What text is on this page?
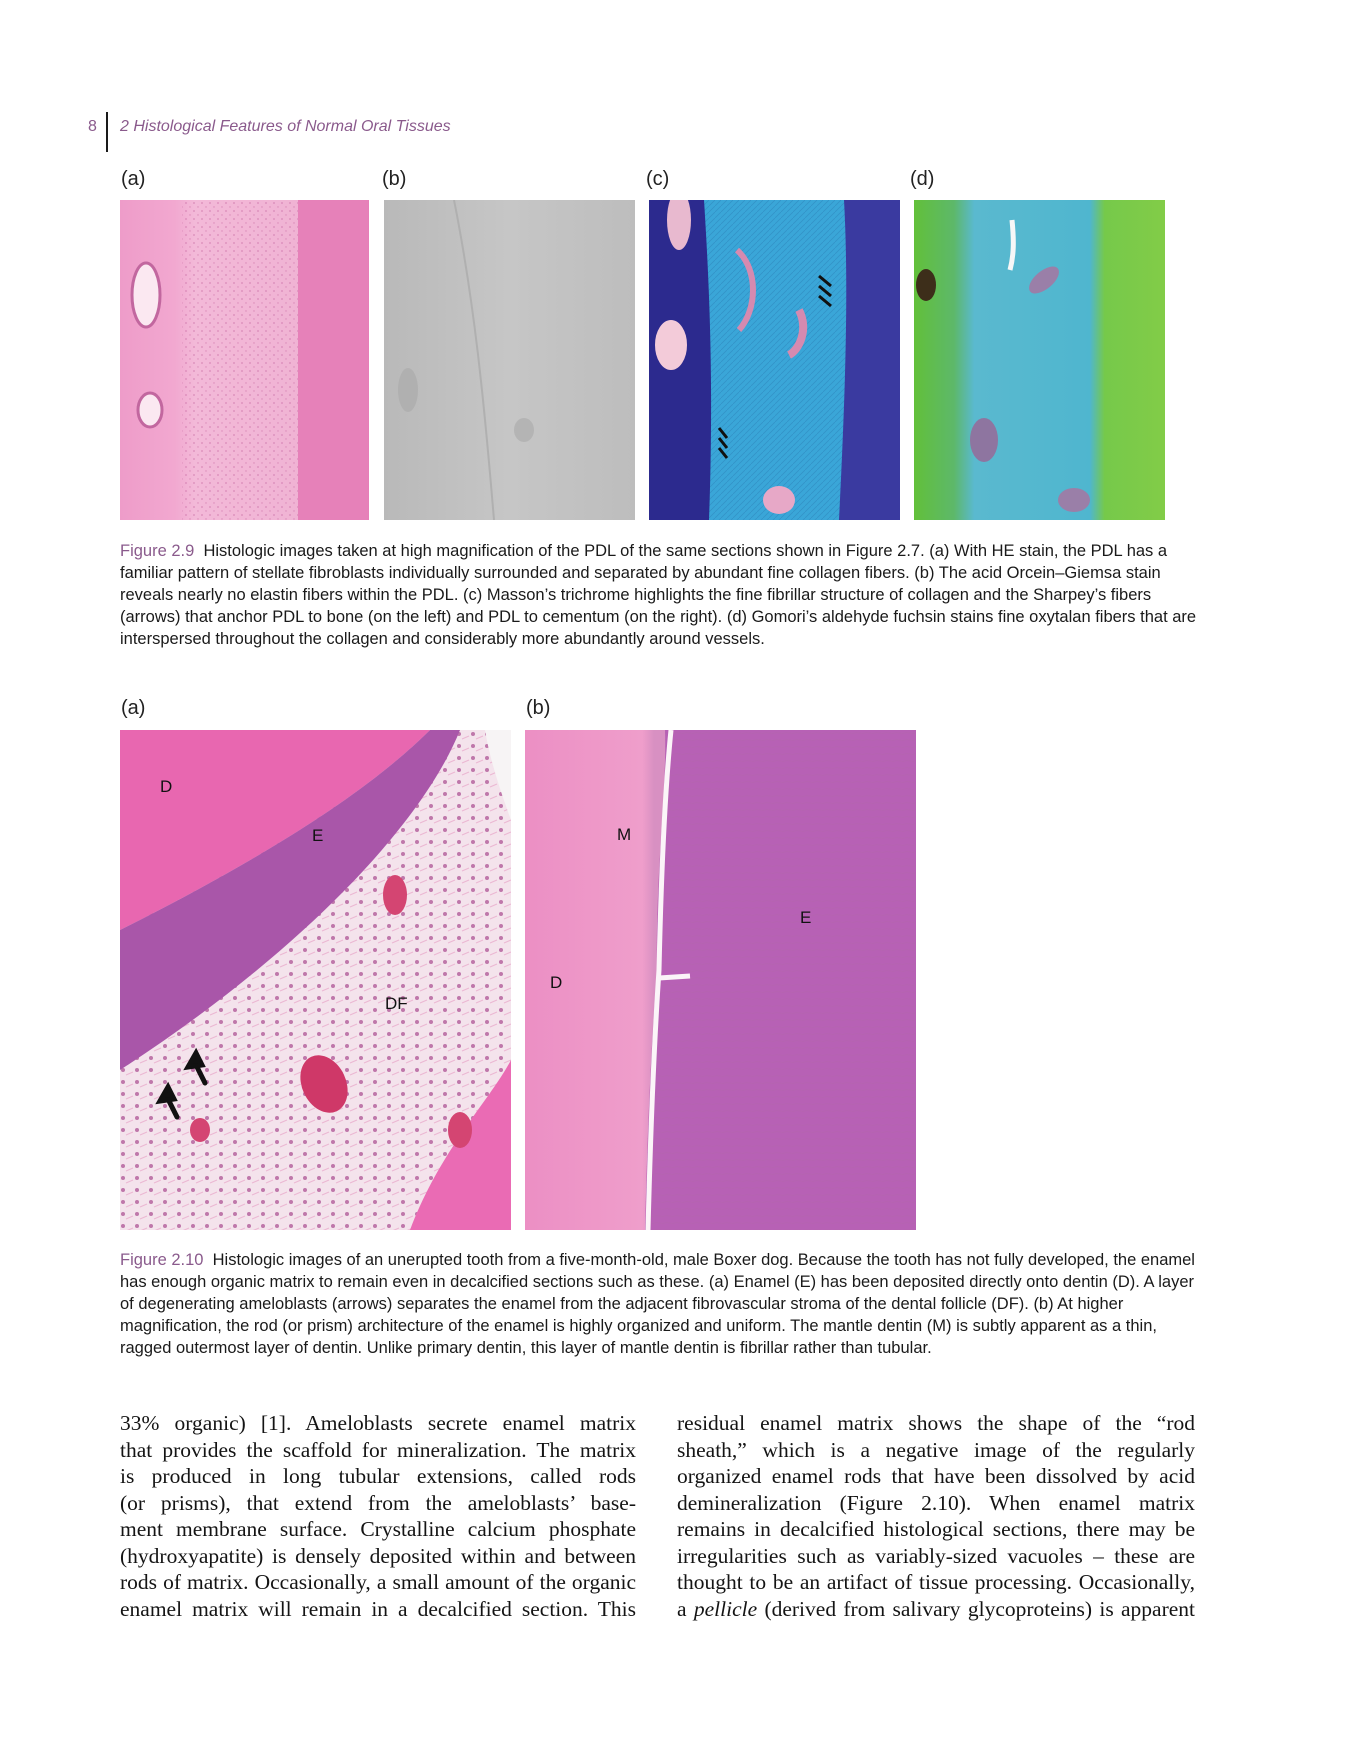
8 2 Histological Features of Normal Oral Tissues
(a)	(b)	(c)	(d)
Figure 2.9 Histologic images taken at high magnification of the PDL of the same sections shown in Figure 2.7. (a) With HE stain, the PDL has a familiar pattern of stellate fibroblasts individually surrounded and separated by abundant fine collagen fibers. (b) The acid Orcein–Giemsa stain reveals nearly no elastin fibers within the PDL. (c) Masson’s trichrome highlights the fine fibrillar structure of collagen and the Sharpey’s fibers (arrows) that anchor PDL to bone (on the left) and PDL to cementum (on the right). (d) Gomori’s aldehyde fuchsin stains fine oxytalan fibers that are interspersed throughout the collagen and considerably more abundantly around vessels.
(a)	(b)
D
E
DF
M
E
D
Figure 2.10 Histologic images of an unerupted tooth from a five-month-old, male Boxer dog. Because the tooth has not fully developed, the enamel has enough organic matrix to remain even in decalcified sections such as these. (a) Enamel (E) has been deposited directly onto dentin (D). A layer of degenerating ameloblasts (arrows) separates the enamel from the adjacent fibrovascular stroma of the dental follicle (DF). (b) At higher magnification, the rod (or prism) architecture of the enamel is highly organized and uniform. The mantle dentin (M) is subtly apparent as a thin, ragged outermost layer of dentin. Unlike primary dentin, this layer of mantle dentin is fibrillar rather than tubular.
33% organic) [1]. Ameloblasts secrete enamel matrix
that provides the scaffold for mineralization. The matrix
is produced in long tubular extensions, called rods
(or prisms), that extend from the ameloblasts’ base-
ment membrane surface. Crystalline calcium phosphate
(hydroxyapatite) is densely deposited within and between
rods of matrix. Occasionally, a small amount of the organic
enamel matrix will remain in a decalcified section. This
residual enamel matrix shows the shape of the “rod
sheath,” which is a negative image of the regularly
organized enamel rods that have been dissolved by acid
demineralization (Figure 2.10). When enamel matrix
remains in decalcified histological sections, there may be
irregularities such as variably-sized vacuoles – these are
thought to be an artifact of tissue processing. Occasionally,
a pellicle (derived from salivary glycoproteins) is apparent
